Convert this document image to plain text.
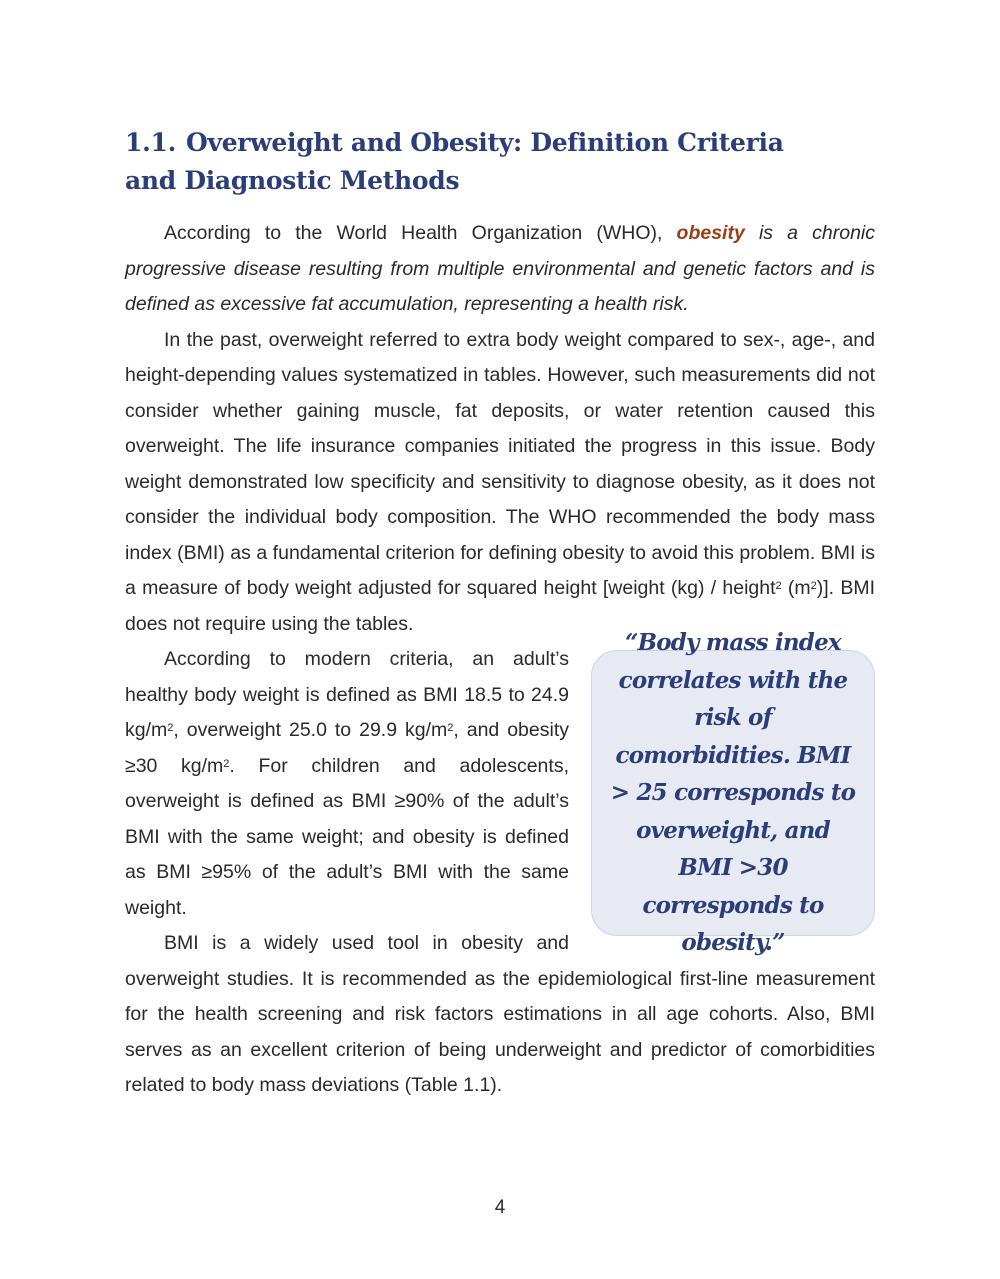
1.1. Overweight and Obesity: Definition Criteria and Diagnostic Methods

According to the World Health Organization (WHO), obesity is a chronic progressive disease resulting from multiple environmental and genetic factors and is defined as excessive fat accumulation, representing a health risk.

In the past, overweight referred to extra body weight compared to sex-, age-, and height-depending values systematized in tables. However, such measurements did not consider whether gaining muscle, fat deposits, or water retention caused this overweight. The life insurance companies initiated the progress in this issue. Body weight demonstrated low specificity and sensitivity to diagnose obesity, as it does not consider the individual body composition. The WHO recommended the body mass index (BMI) as a fundamental criterion for defining obesity to avoid this problem. BMI is a measure of body weight adjusted for squared height [weight (kg) / height$^2$ $(m^2)$]. BMI does not require using the tables.

“Body mass index correlates with the risk of comorbidities. BMI > 25 corresponds to overweight, and BMI >30 corresponds to obesity.”

According to modern criteria, an adult’s healthy body weight is defined as BMI 18.5 to 24.9 $kg/m^2$, overweight 25.0 to 29.9 $kg/m^2$, and obesity ≥30 $kg/m^2$. For children and adolescents, overweight is defined as BMI ≥90% of the adult’s BMI with the same weight; and obesity is defined as BMI ≥95% of the adult’s BMI with the same weight.

BMI is a widely used tool in obesity and overweight studies. It is recommended as the epidemiological first-line measurement for the health screening and risk factors estimations in all age cohorts. Also, BMI serves as an excellent criterion of being underweight and predictor of comorbidities related to body mass deviations (Table 1.1).

4
